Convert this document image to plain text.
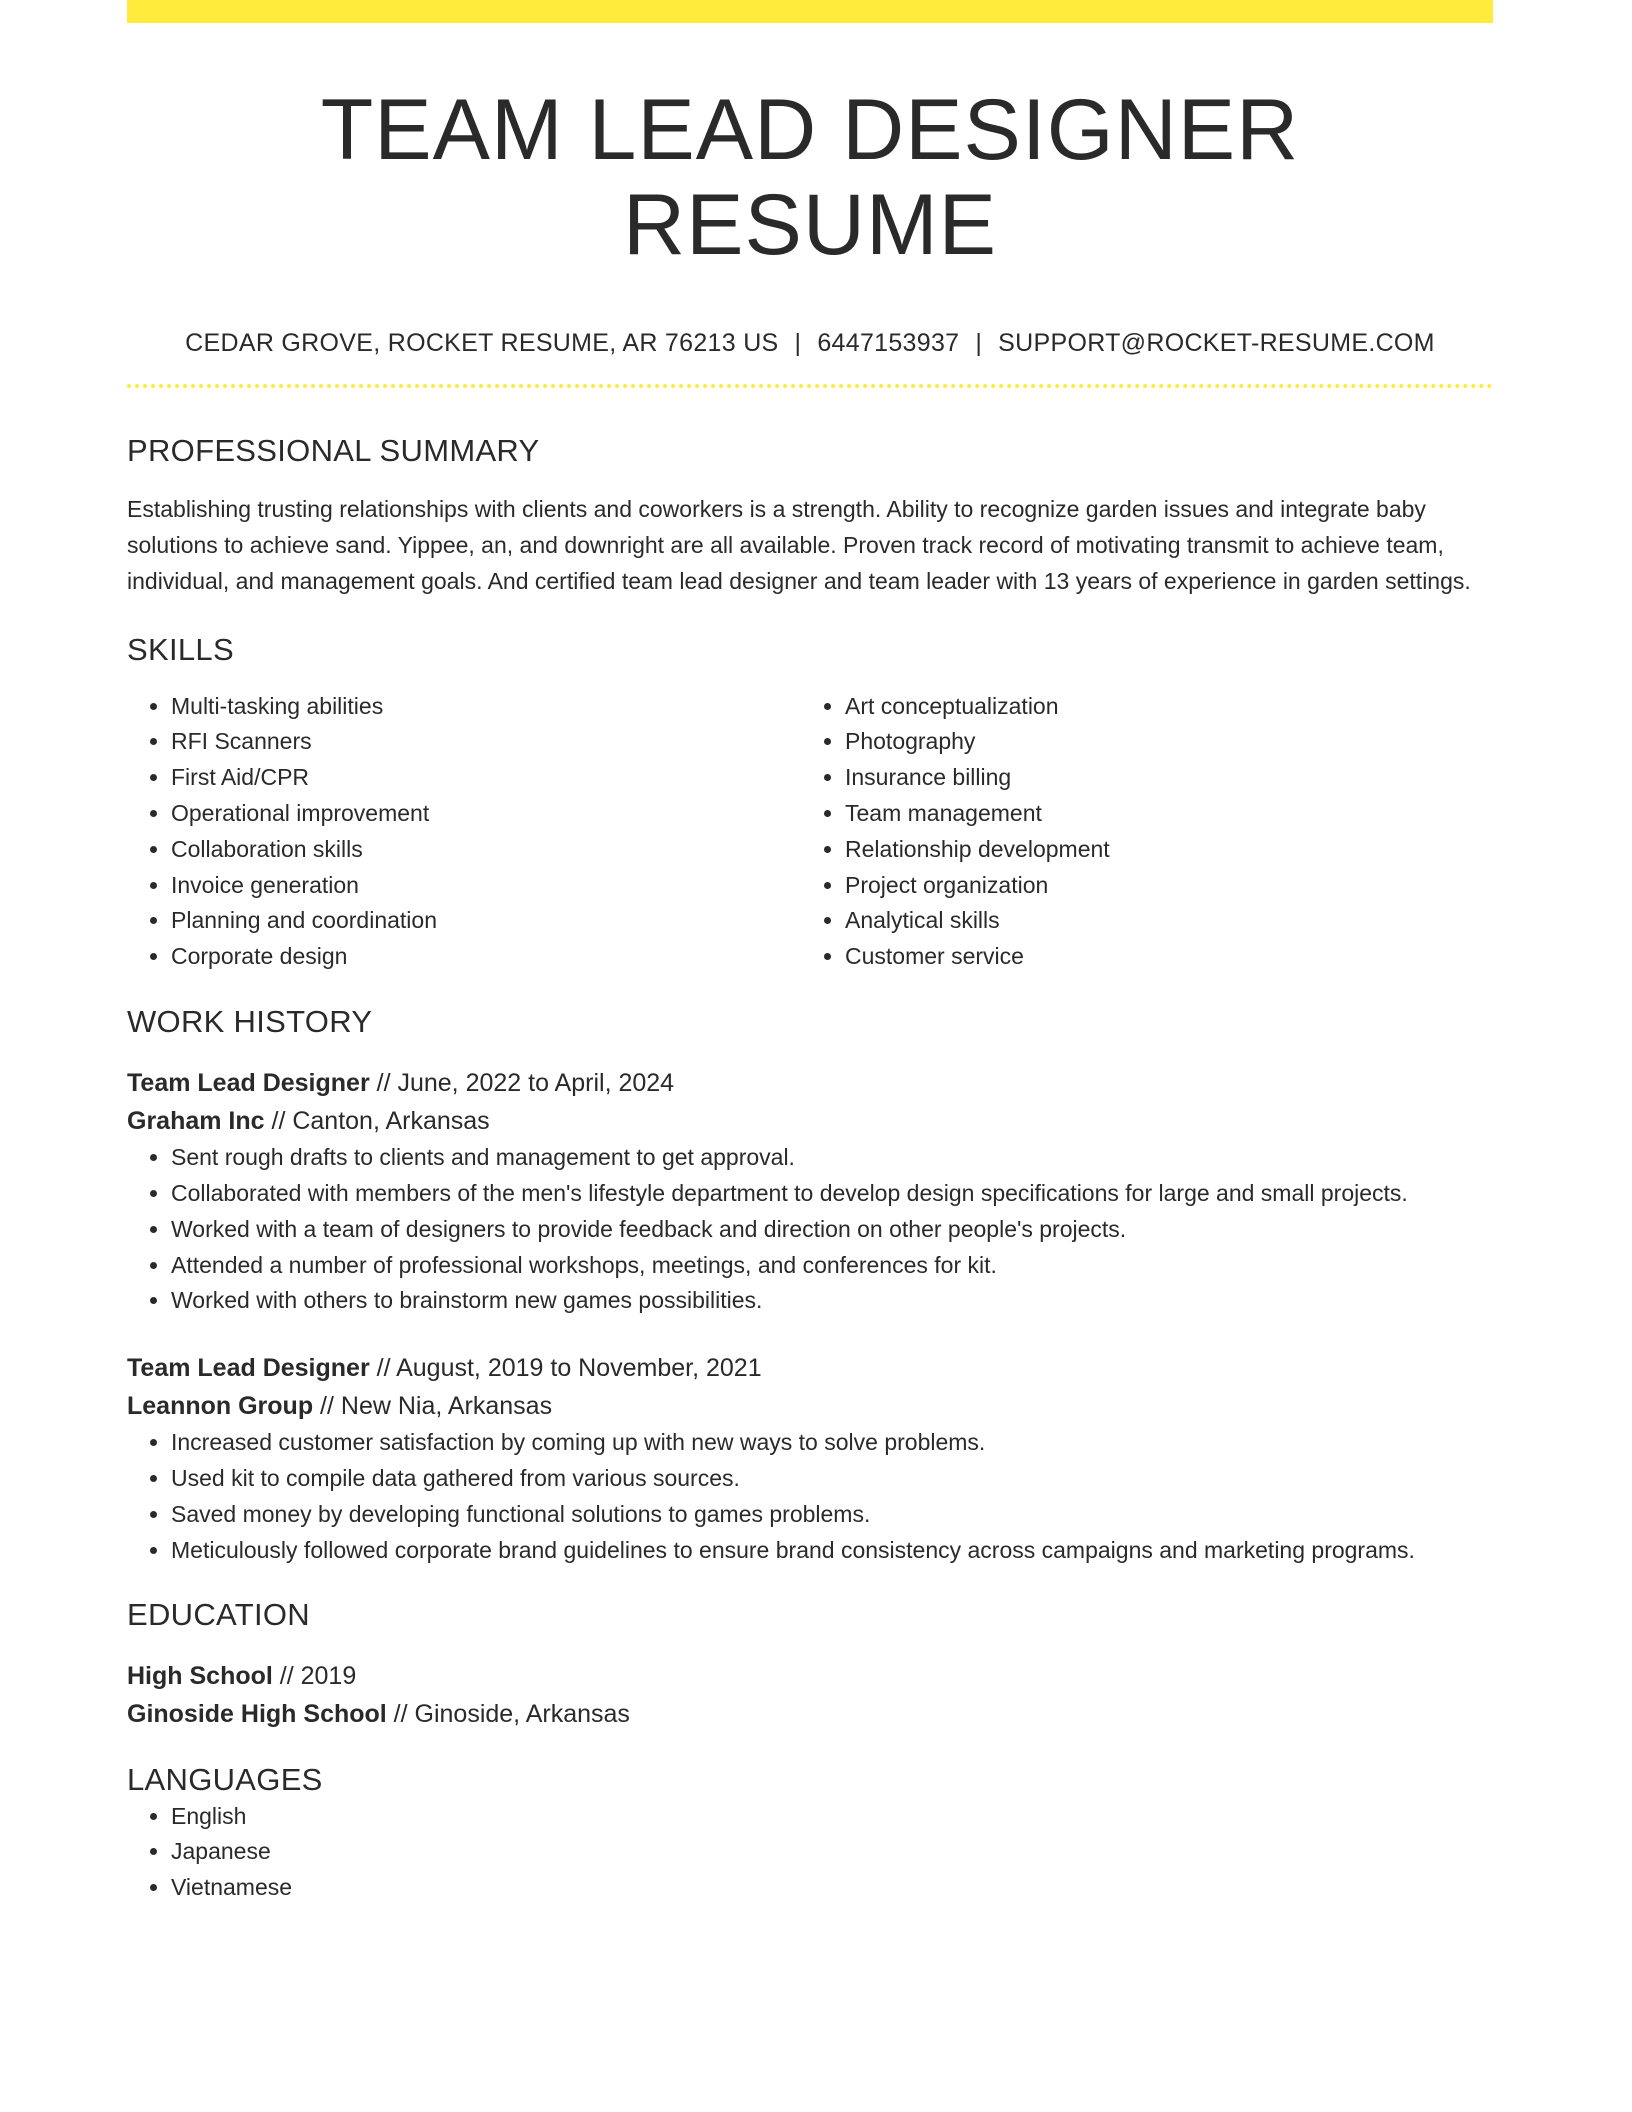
TEAM LEAD DESIGNER RESUME
CEDAR GROVE, ROCKET RESUME, AR 76213 US | 6447153937 | SUPPORT@ROCKET-RESUME.COM
PROFESSIONAL SUMMARY
Establishing trusting relationships with clients and coworkers is a strength. Ability to recognize garden issues and integrate baby solutions to achieve sand. Yippee, an, and downright are all available. Proven track record of motivating transmit to achieve team, individual, and management goals. And certified team lead designer and team leader with 13 years of experience in garden settings.
SKILLS
• Multi-tasking abilities
• RFI Scanners
• First Aid/CPR
• Operational improvement
• Collaboration skills
• Invoice generation
• Planning and coordination
• Corporate design
• Art conceptualization
• Photography
• Insurance billing
• Team management
• Relationship development
• Project organization
• Analytical skills
• Customer service
WORK HISTORY
Team Lead Designer // June, 2022 to April, 2024
Graham Inc // Canton, Arkansas
• Sent rough drafts to clients and management to get approval.
• Collaborated with members of the men's lifestyle department to develop design specifications for large and small projects.
• Worked with a team of designers to provide feedback and direction on other people's projects.
• Attended a number of professional workshops, meetings, and conferences for kit.
• Worked with others to brainstorm new games possibilities.
Team Lead Designer // August, 2019 to November, 2021
Leannon Group // New Nia, Arkansas
• Increased customer satisfaction by coming up with new ways to solve problems.
• Used kit to compile data gathered from various sources.
• Saved money by developing functional solutions to games problems.
• Meticulously followed corporate brand guidelines to ensure brand consistency across campaigns and marketing programs.
EDUCATION
High School // 2019
Ginoside High School // Ginoside, Arkansas
LANGUAGES
• English
• Japanese
• Vietnamese
